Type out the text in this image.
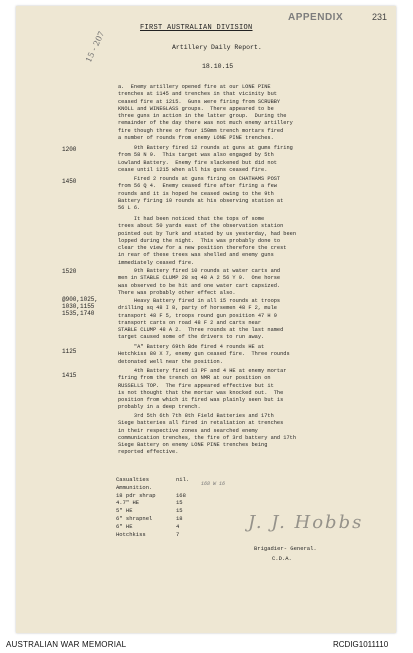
APPENDIX	231
15 - 207
FIRST AUSTRALIAN DIVISION
Artillery Daily Report.
18.10.15
1200
1450
1520
@900,1025,
1030,1155
1535,1740
1125
1415
a.  Enemy artillery opened fire at our LONE PINE
trenches at 1145 and trenches in that vicinity but
ceased fire at 1215.  Guns were firing from SCRUBBY
KNOLL and WINEGLASS groups.  There appeared to be
three guns in action in the latter group.  During the
remainder of the day there was not much enemy artillery
fire though three or four 150mm trench mortars fired
a number of rounds from enemy LONE PINE trenches.
9th Battery fired 12 rounds at guns at gums firing
from 58 N 9.  This target was also engaged by 5th
Lowland Battery.  Enemy fire slackened but did not
cease until 1215 when all his guns ceased fire.
Fired 2 rounds at guns firing on CHATHAMS POST
from 56 Q 4.  Enemy ceased fire after firing a few
rounds and it is hoped he ceased owing to the 9th
Battery firing 10 rounds at his observing station at
56 L 6.
It had been noticed that the tops of some
trees about 50 yards east of the observation station
pointed out by Turk and stated by us yesterday, had been
lopped during the night.  This was probably done to
clear the view for a new position therefore the crest
in rear of these trees was shelled and enemy guns
immediately ceased fire.
9th Battery fired 10 rounds at water carts and
men in STABLE CLUMP 28 sq 48 A 2 56 Y 9.  One horse
was observed to be hit and one water cart capsized.
There was probably other effect also.
Heavy Battery fired in all 15 rounds at troops
drilling sq 48 I 8, party of horsemen 48 F 2, mule
transport 48 F 5, troops round gun position 47 H 9
transport carts on road 48 F 2 and carts near
STABLE CLUMP 48 A 2.  Three rounds at the last named
target caused some of the drivers to run away.
"A" Battery 69th Bde fired 4 rounds HE at
Hetchkiss 80 X 7, enemy gun ceased fire.  Three rounds
detonated well near the position.
4th Battery fired 13 PF and 4 HE at enemy mortar
firing from the trench on NMR at our position on
RUSSELLS TOP.  The fire appeared effective but it
is not thought that the mortar was knocked out.  The
position from which it fired was plainly seen but is
probably in a deep trench.
3rd 5th 6th 7th 8th Field Batteries and 17th
Siege batteries all fired in retaliation at trenches
in their respective zones and searched enemy
communication trenches, the fire of 3rd battery and 17th
Siege Battery on enemy LONE PINE trenches being
reported effective.
Casualties	nil.
Ammunition.
18 pdr shrap	168
4.7" HE	15
5" HE	15
6" shrapnel	18
6" HE	4
Hotchkiss	7
168 W 16
J. J. Hobbs
Brigadier- General.
C.D.A.
AUSTRALIAN WAR MEMORIAL	RCDIG1011110
